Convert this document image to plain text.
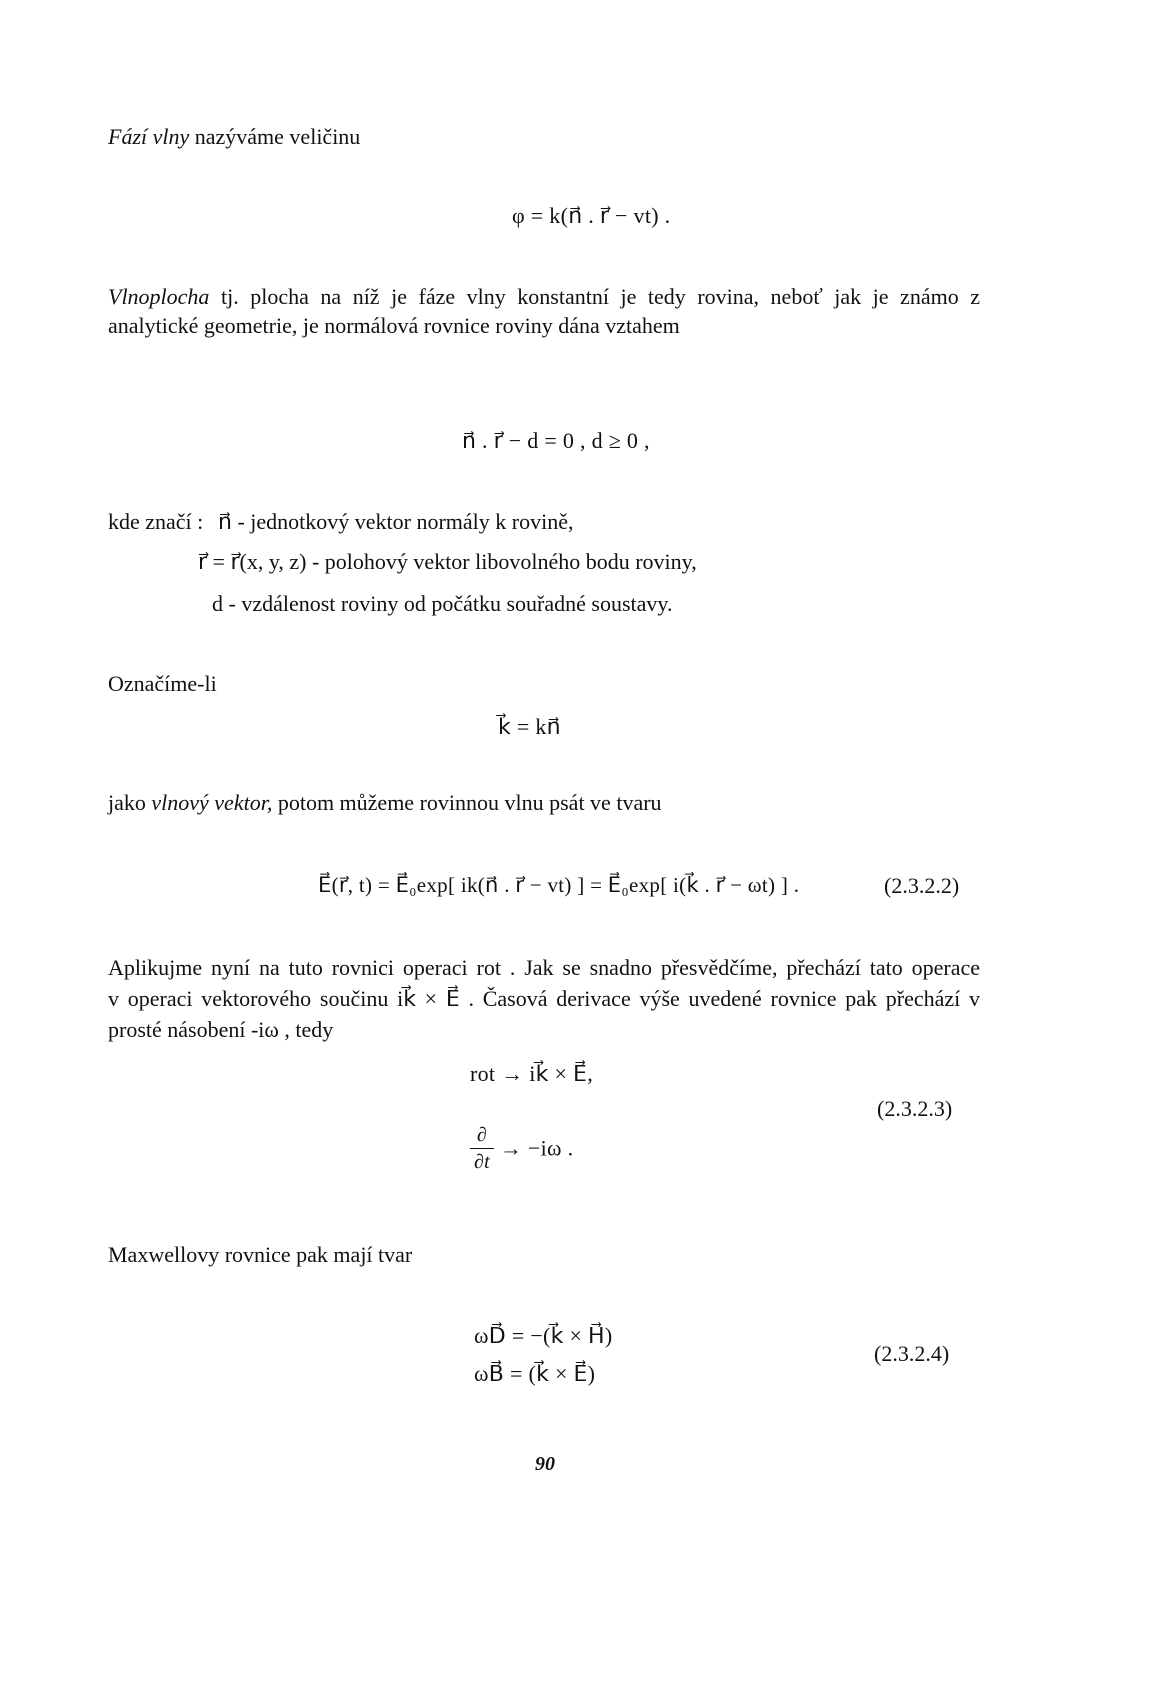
Fází vlny nazýváme veličinu
φ = k(n⃗ . r⃗ − vt) .
Vlnoplocha tj. plocha na níž je fáze vlny konstantní je tedy rovina, neboť jak je známo z
analytické geometrie, je normálová rovnice roviny dána vztahem
n⃗ . r⃗ − d = 0 , d ≥ 0 ,
kde značí : n⃗ - jednotkový vektor normály k rovině,
r⃗ = r⃗(x, y, z) - polohový vektor libovolného bodu roviny,
d - vzdálenost roviny od počátku souřadné soustavy.
Označíme-li
k⃗ = kn⃗
jako vlnový vektor, potom můžeme rovinnou vlnu psát ve tvaru
E⃗(r⃗, t) = E⃗₀exp[ ik(n⃗ . r⃗ − vt) ] = E⃗₀exp[ i(k⃗ . r⃗ − ωt) ] .	(2.3.2.2)
Aplikujme nyní na tuto rovnici operaci rot . Jak se snadno přesvědčíme, přechází tato operace
v operaci vektorového součinu ik⃗ × E⃗ . Časová derivace výše uvedené rovnice pak přechází v
prosté násobení -iω , tedy
rot → ik⃗ × E⃗,
(2.3.2.3)
$\frac{\partial}{\partial t} \to -i\omega$ .
Maxwellovy rovnice pak mají tvar
ωD⃗ = −(k⃗ × H⃗)
ωB⃗ = (k⃗ × E⃗)
(2.3.2.4)
90
